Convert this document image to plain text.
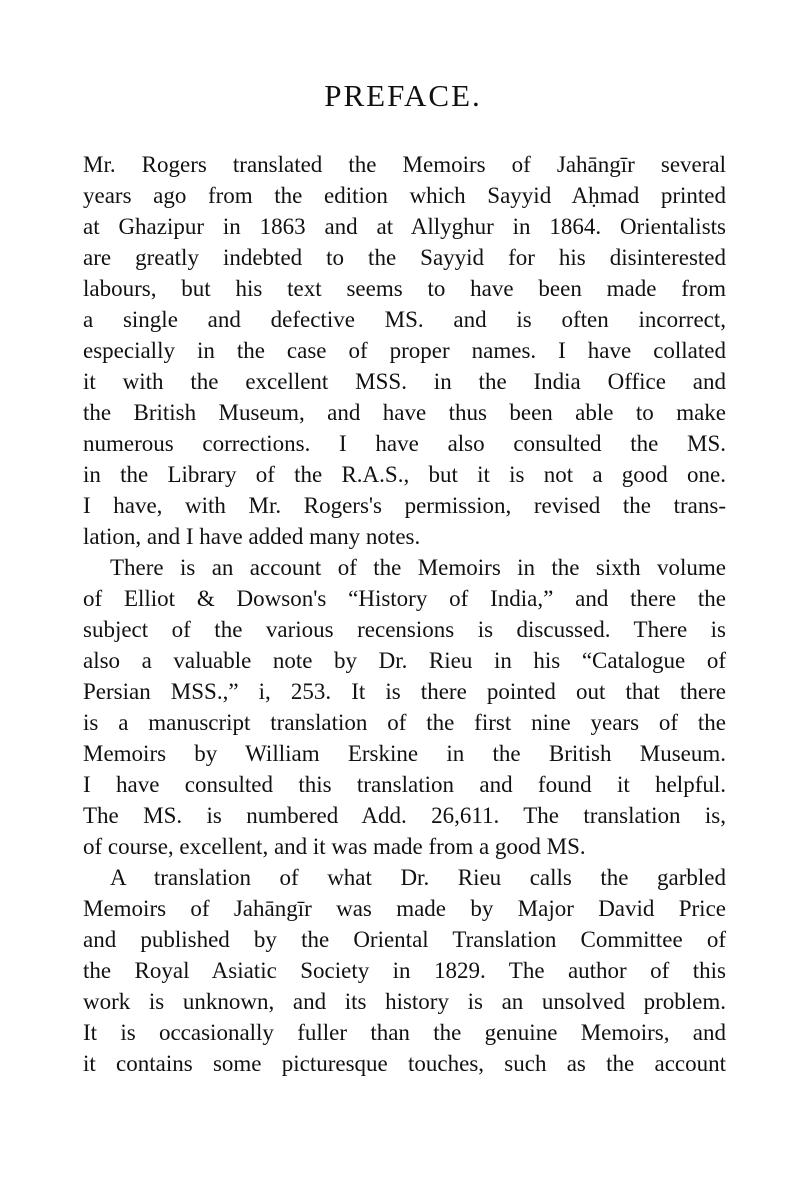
PREFACE.
Mr. Rogers translated the Memoirs of Jahāngīr several
years ago from the edition which Sayyid Aḥmad printed
at Ghazipur in 1863 and at Allyghur in 1864. Orientalists
are greatly indebted to the Sayyid for his disinterested
labours, but his text seems to have been made from
a single and defective MS. and is often incorrect,
especially in the case of proper names. I have collated
it with the excellent MSS. in the India Office and
the British Museum, and have thus been able to make
numerous corrections. I have also consulted the MS.
in the Library of the R.A.S., but it is not a good one.
I have, with Mr. Rogers's permission, revised the trans-
lation, and I have added many notes.
There is an account of the Memoirs in the sixth volume
of Elliot & Dowson's “History of India,” and there the
subject of the various recensions is discussed. There is
also a valuable note by Dr. Rieu in his “Catalogue of
Persian MSS.,” i, 253. It is there pointed out that there
is a manuscript translation of the first nine years of the
Memoirs by William Erskine in the British Museum.
I have consulted this translation and found it helpful.
The MS. is numbered Add. 26,611. The translation is,
of course, excellent, and it was made from a good MS.
A translation of what Dr. Rieu calls the garbled
Memoirs of Jahāngīr was made by Major David Price
and published by the Oriental Translation Committee of
the Royal Asiatic Society in 1829. The author of this
work is unknown, and its history is an unsolved problem.
It is occasionally fuller than the genuine Memoirs, and
it contains some picturesque touches, such as the account
